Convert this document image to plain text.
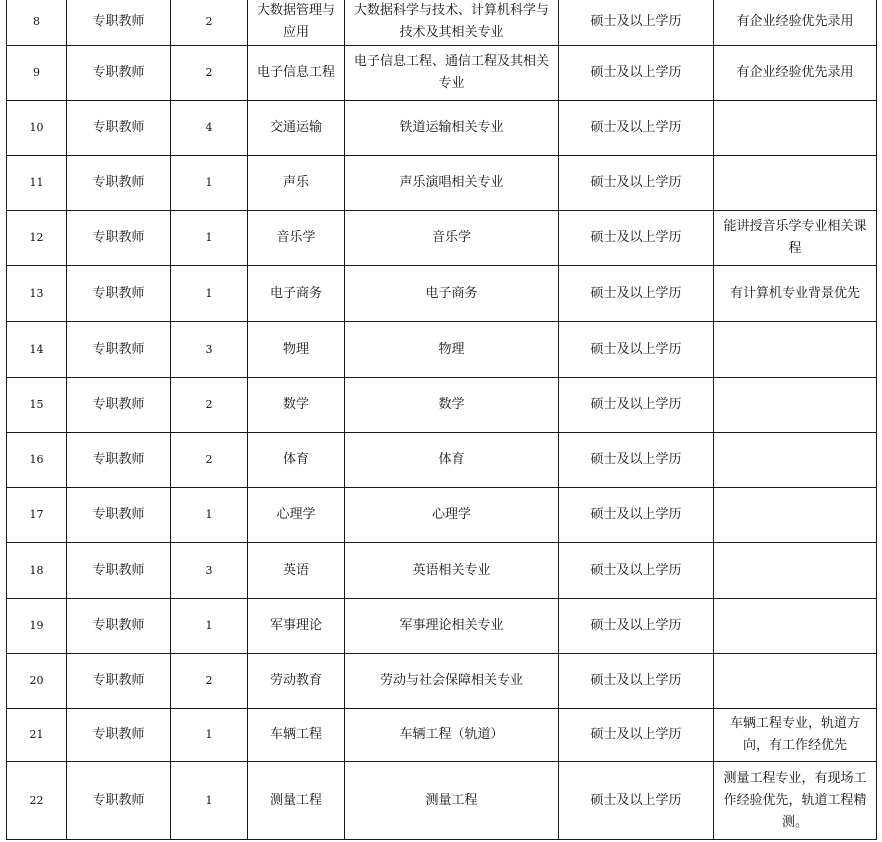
8	专职教师	2	大数据管理与应用	大数据科学与技术、计算机科学与技术及其相关专业	硕士及以上学历	有企业经验优先录用
9	专职教师	2	电子信息工程	电子信息工程、通信工程及其相关专业	硕士及以上学历	有企业经验优先录用
10	专职教师	4	交通运输	铁道运输相关专业	硕士及以上学历	
11	专职教师	1	声乐	声乐演唱相关专业	硕士及以上学历	
12	专职教师	1	音乐学	音乐学	硕士及以上学历	能讲授音乐学专业相关课程
13	专职教师	1	电子商务	电子商务	硕士及以上学历	有计算机专业背景优先
14	专职教师	3	物理	物理	硕士及以上学历	
15	专职教师	2	数学	数学	硕士及以上学历	
16	专职教师	2	体育	体育	硕士及以上学历	
17	专职教师	1	心理学	心理学	硕士及以上学历	
18	专职教师	3	英语	英语相关专业	硕士及以上学历	
19	专职教师	1	军事理论	军事理论相关专业	硕士及以上学历	
20	专职教师	2	劳动教育	劳动与社会保障相关专业	硕士及以上学历	
21	专职教师	1	车辆工程	车辆工程（轨道）	硕士及以上学历	车辆工程专业，轨道方向，有工作经优先
22	专职教师	1	测量工程	测量工程	硕士及以上学历	测量工程专业，有现场工作经验优先，轨道工程精测。
